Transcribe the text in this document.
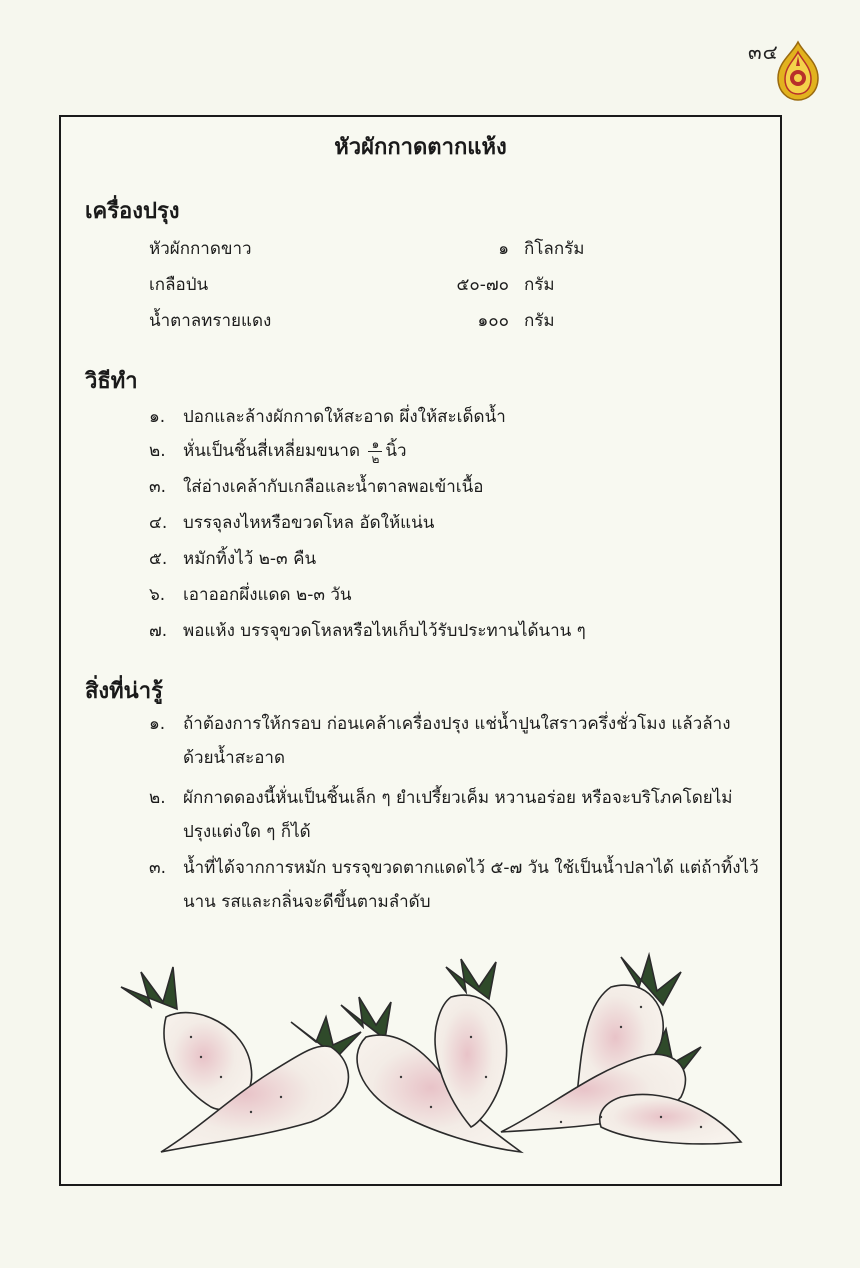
๓๔
หัวผักกาดตากแห้ง
เครื่องปรุง
หัวผักกาดขาว	๑ กิโลกรัม
เกลือป่น	๕๐-๗๐ กรัม
น้ำตาลทรายแดง	๑๐๐ กรัม
วิธีทำ
๑. ปอกและล้างผักกาดให้สะอาด ผึ่งให้สะเด็ดน้ำ
๒. หั่นเป็นชิ้นสี่เหลี่ยมขนาด $\frac{๑}{๒}$ นิ้ว
๓. ใส่อ่างเคล้ากับเกลือและน้ำตาลพอเข้าเนื้อ
๔. บรรจุลงไหหรือขวดโหล อัดให้แน่น
๕. หมักทิ้งไว้ ๒-๓ คืน
๖. เอาออกผึ่งแดด ๒-๓ วัน
๗. พอแห้ง บรรจุขวดโหลหรือไหเก็บไว้รับประทานได้นาน ๆ
สิ่งที่น่ารู้
๑.	ถ้าต้องการให้กรอบ ก่อนเคล้าเครื่องปรุง แช่น้ำปูนใสราวครึ่งชั่วโมง แล้วล้างด้วยน้ำสะอาด
๒.	ผักกาดดองนี้หั่นเป็นชิ้นเล็ก ๆ ยำเปรี้ยวเค็ม หวานอร่อย หรือจะบริโภคโดยไม่ปรุงแต่งใด ๆ ก็ได้
๓. น้ำที่ได้จากการหมัก บรรจุขวดตากแดดไว้ ๕-๗ วัน ใช้เป็นน้ำปลาได้ แต่ถ้าทิ้งไว้นาน รสและกลิ่นจะดีขึ้นตามลำดับ
